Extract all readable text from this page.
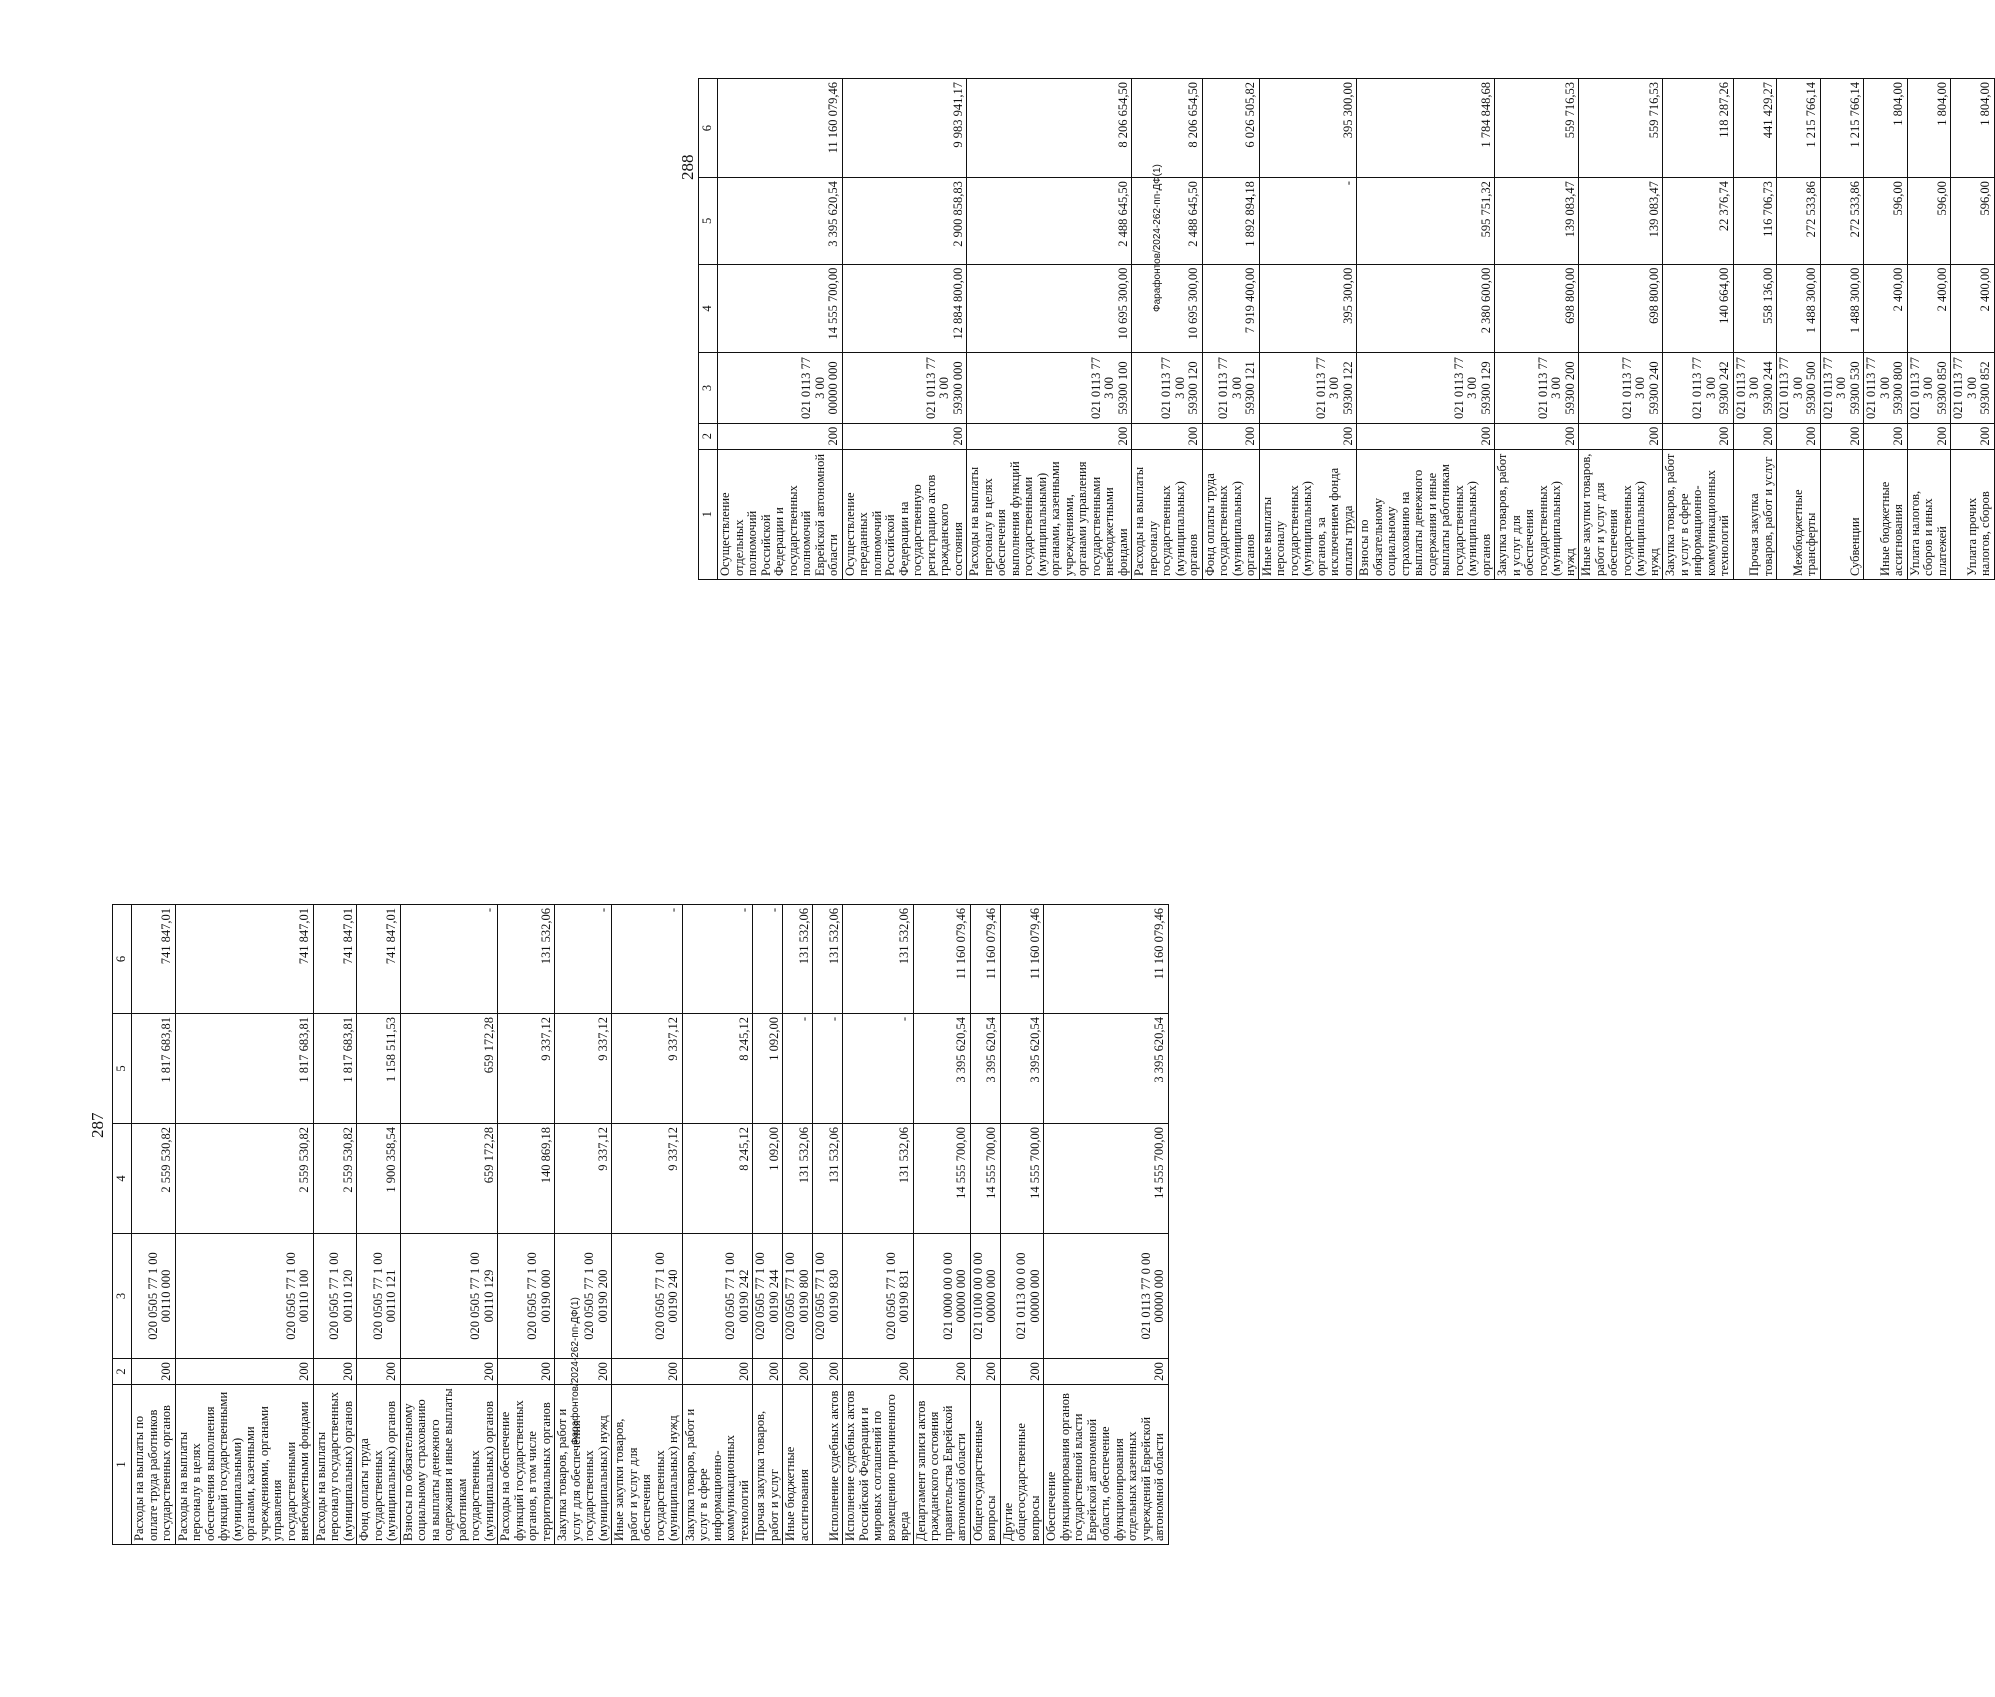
287
1	2	3	4	5	6
Расходы на выплаты по оплате труда работников государственных органов	200	020 0505 77 1 00
00110 000	2 559 530,82	1 817 683,81	741 847,01
Расходы на выплаты персоналу в целях обеспечения выполнения функций государственными (муниципальными) органами, казенными учреждениями, органами управления государственными внебюджетными фондами	200	020 0505 77 1 00
00110 100	2 559 530,82	1 817 683,81	741 847,01
Расходы на выплаты персоналу государственных (муниципальных) органов	200	020 0505 77 1 00
00110 120	2 559 530,82	1 817 683,81	741 847,01
Фонд оплаты труда государственных (муниципальных) органов	200	020 0505 77 1 00
00110 121	1 900 358,54	1 158 511,53	741 847,01
Взносы по обязательному социальному страхованию на выплаты денежного содержания и иные выплаты работникам государственных (муниципальных) органов	200	020 0505 77 1 00
00110 129	659 172,28	659 172,28	-
Расходы на обеспечение функций государственных органов, в том числе территориальных органов	200	020 0505 77 1 00
00190 000	140 869,18	9 337,12	131 532,06
Закупка товаров, работ и услуг для обеспечения государственных (муниципальных) нужд	200	020 0505 77 1 00
00190 200	9 337,12	9 337,12	-
Иные закупки товаров, работ и услуг для обеспечения государственных (муниципальных) нужд	200	020 0505 77 1 00
00190 240	9 337,12	9 337,12	-
Закупка товаров, работ и услуг в сфере информационно-коммуникационных технологий	200	020 0505 77 1 00
00190 242	8 245,12	8 245,12	-
Прочая закупка товаров, работ и услуг	200	020 0505 77 1 00
00190 244	1 092,00	1 092,00	-
Иные бюджетные ассигнования	200	020 0505 77 1 00
00190 800	131 532,06	-	131 532,06
Исполнение судебных актов	200	020 0505 77 1 00
00190 830	131 532,06	-	131 532,06
Исполнение судебных актов Российской Федерации и мировых соглашений по возмещению причиненного вреда	200	020 0505 77 1 00
00190 831	131 532,06	-	131 532,06
Департамент записи актов гражданского состояния правительства Еврейской автономной области	200	021 0000 00 0 00
00000 000	14 555 700,00	3 395 620,54	11 160 079,46
Общегосударственные вопросы	200	021 0100 00 0 00
00000 000	14 555 700,00	3 395 620,54	11 160 079,46
Другие общегосударственные вопросы	200	021 0113 00 0 00
00000 000	14 555 700,00	3 395 620,54	11 160 079,46
Обеспечение функционирования органов государственной власти Еврейской автономной области, обеспечение функционирования отдельных казенных учреждений Еврейской автономной области	200	021 0113 77 0 00
00000 000	14 555 700,00	3 395 620,54	11 160 079,46
Фарафонтов/2024-262-пп-ДФ(1)
288
1	2	3	4	5	6
Осуществление отдельных полномочий Российской Федерации и государственных полномочий Еврейской автономной области	200	021 0113 77 3 00
00000 000	14 555 700,00	3 395 620,54	11 160 079,46
Осуществление переданных полномочий Российской Федерации на государственную регистрацию актов гражданского состояния	200	021 0113 77 3 00
59300 000	12 884 800,00	2 900 858,83	9 983 941,17
Расходы на выплаты персоналу в целях обеспечения выполнения функций государственными (муниципальными) органами, казенными учреждениями, органами управления государственными внебюджетными фондами	200	021 0113 77 3 00
59300 100	10 695 300,00	2 488 645,50	8 206 654,50
Расходы на выплаты персоналу государственных (муниципальных) органов	200	021 0113 77 3 00
59300 120	10 695 300,00	2 488 645,50	8 206 654,50
Фонд оплаты труда государственных (муниципальных) органов	200	021 0113 77 3 00
59300 121	7 919 400,00	1 892 894,18	6 026 505,82
Иные выплаты персоналу государственных (муниципальных) органов, за исключением фонда оплаты труда	200	021 0113 77 3 00
59300 122	395 300,00	-	395 300,00
Взносы по обязательному социальному страхованию на выплаты денежного содержания и иные выплаты работникам государственных (муниципальных) органов	200	021 0113 77 3 00
59300 129	2 380 600,00	595 751,32	1 784 848,68
Закупка товаров, работ и услуг для обеспечения государственных (муниципальных) нужд	200	021 0113 77 3 00
59300 200	698 800,00	139 083,47	559 716,53
Иные закупки товаров, работ и услуг для обеспечения государственных (муниципальных) нужд	200	021 0113 77 3 00
59300 240	698 800,00	139 083,47	559 716,53
Закупка товаров, работ и услуг в сфере информационно-коммуникационных технологий	200	021 0113 77 3 00
59300 242	140 664,00	22 376,74	118 287,26
Прочая закупка товаров, работ и услуг	200	021 0113 77 3 00
59300 244	558 136,00	116 706,73	441 429,27
Межбюджетные трансферты	200	021 0113 77 3 00
59300 500	1 488 300,00	272 533,86	1 215 766,14
Субвенции	200	021 0113 77 3 00
59300 530	1 488 300,00	272 533,86	1 215 766,14
Иные бюджетные ассигнования	200	021 0113 77 3 00
59300 800	2 400,00	596,00	1 804,00
Уплата налогов, сборов и иных платежей	200	021 0113 77 3 00
59300 850	2 400,00	596,00	1 804,00
Уплата прочих налогов, сборов	200	021 0113 77 3 00
59300 852	2 400,00	596,00	1 804,00
Фарафонтов/2024-262-пп-ДФ(1)
